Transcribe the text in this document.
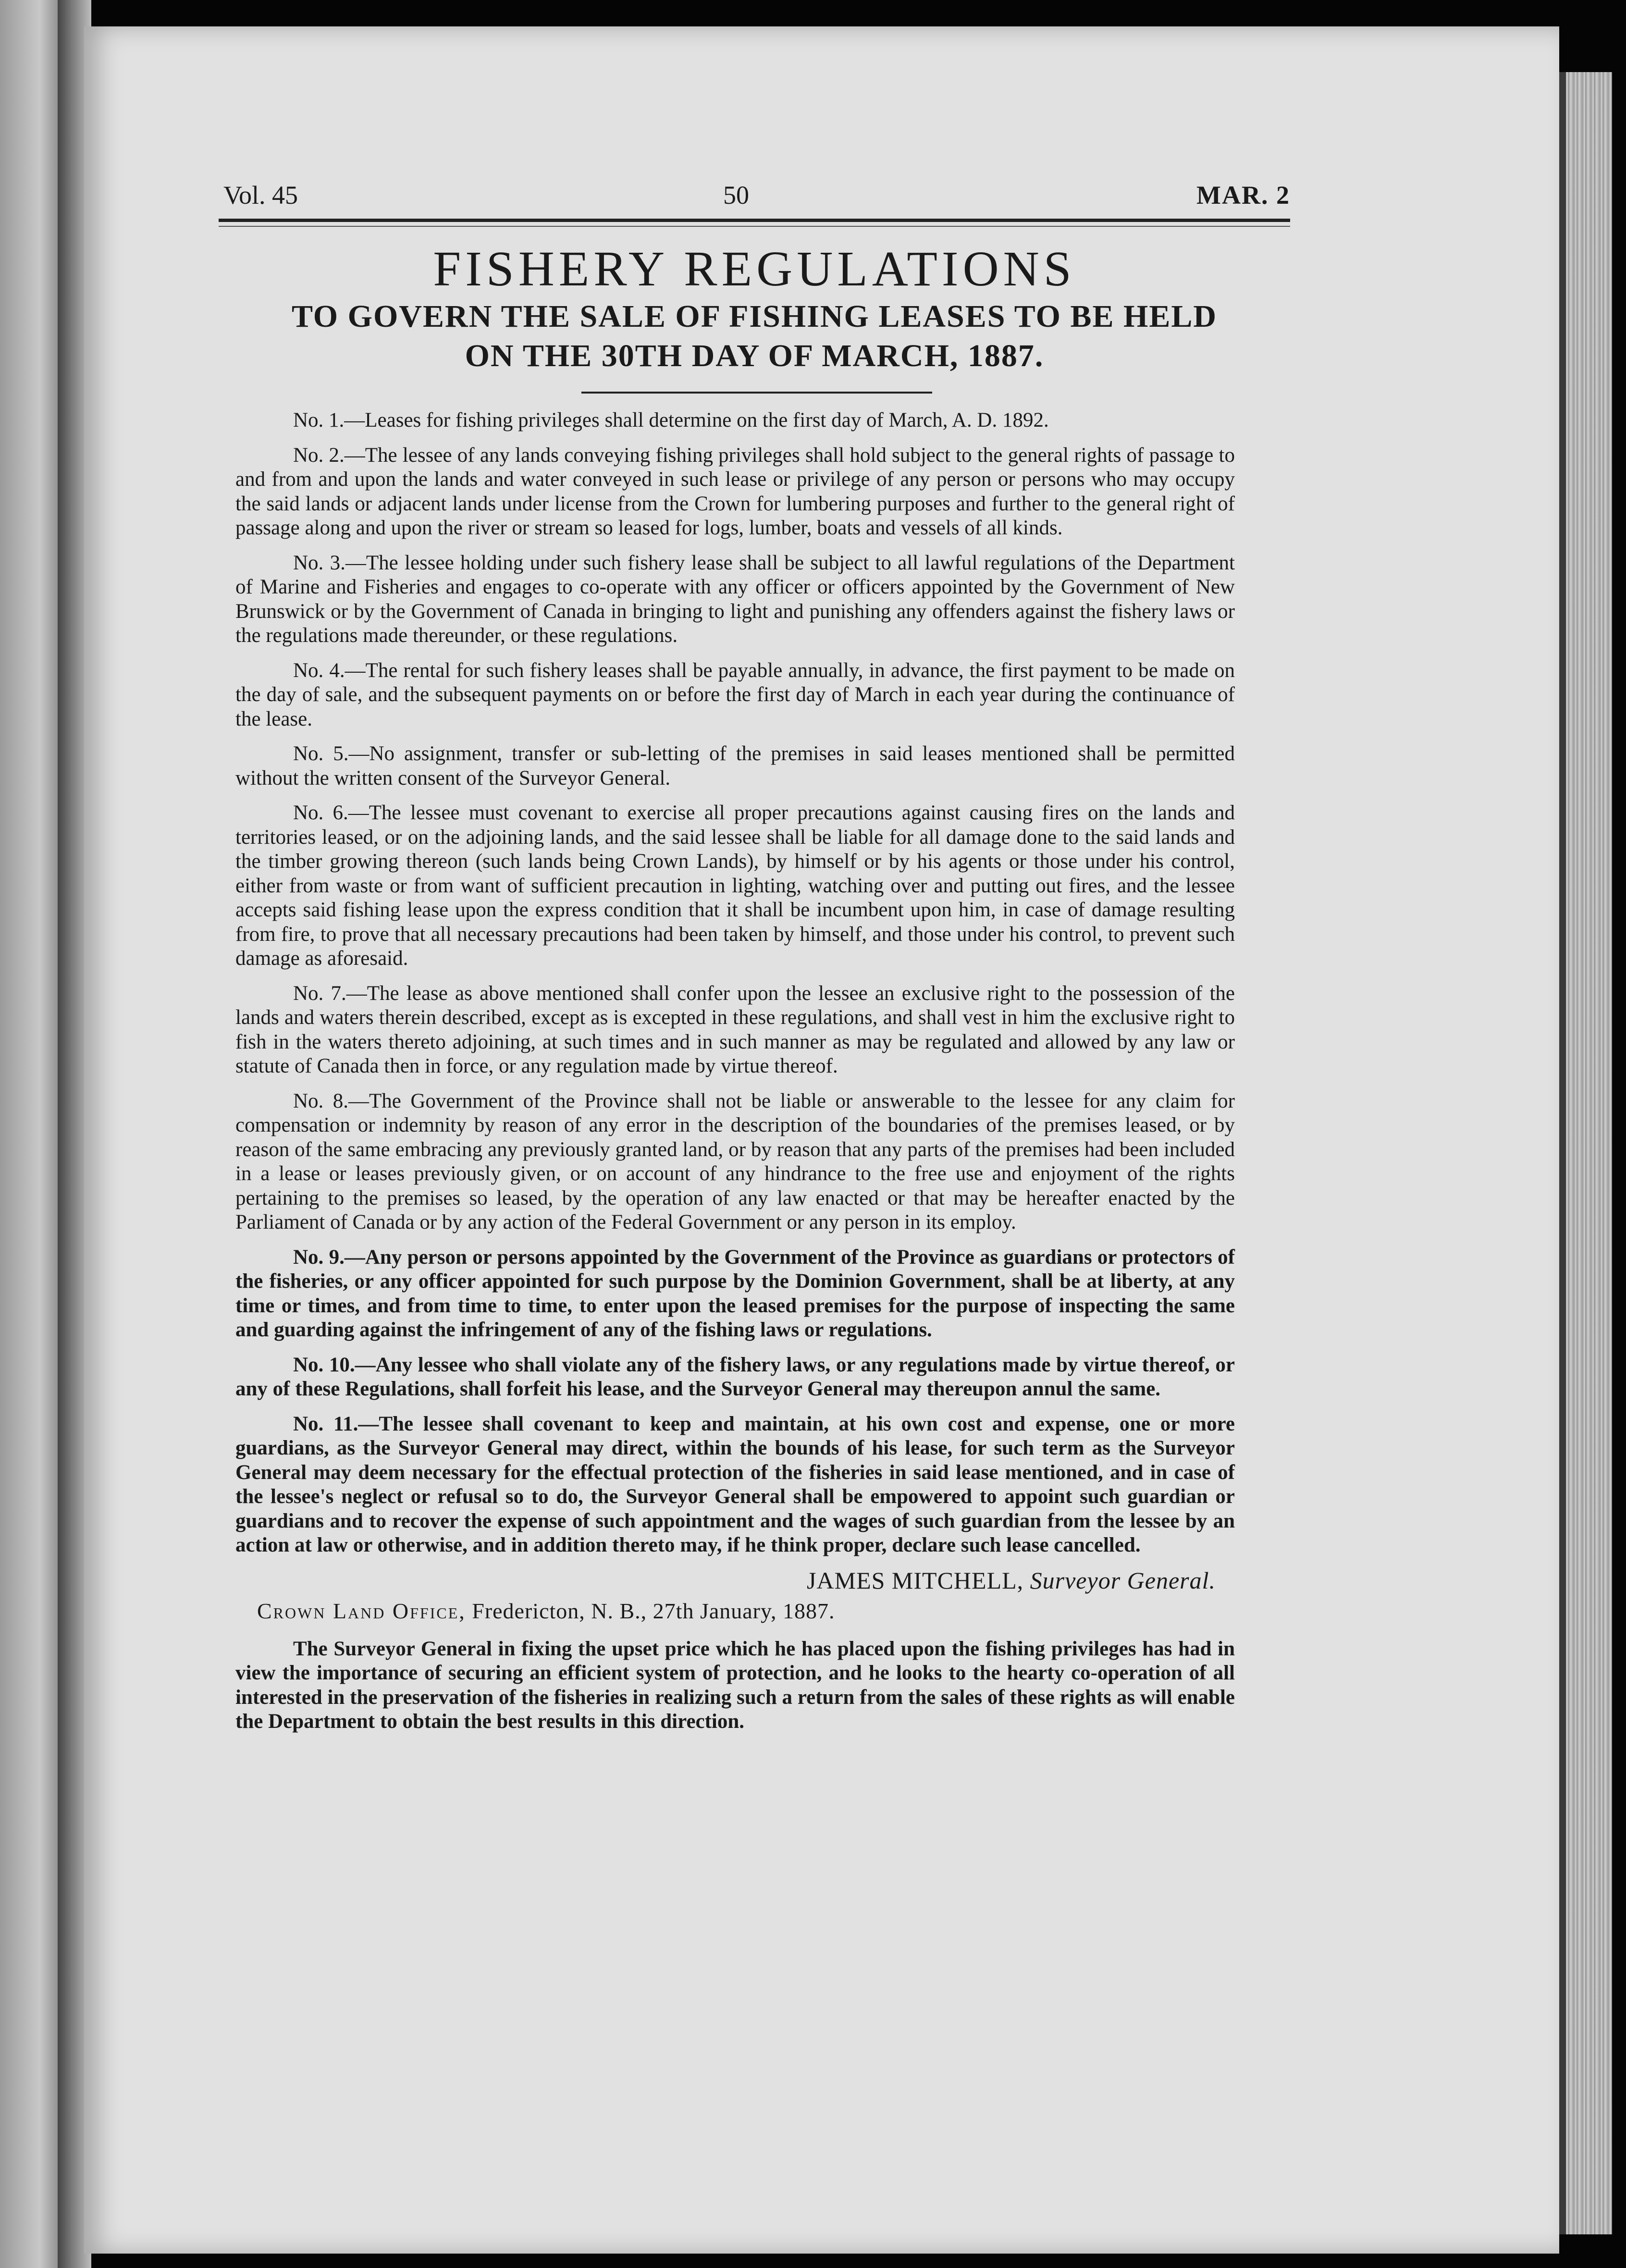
Vol. 45	50	MAR. 2
FISHERY REGULATIONS
TO GOVERN THE SALE OF FISHING LEASES TO BE HELD
ON THE 30TH DAY OF MARCH, 1887.

No. 1.—Leases for fishing privileges shall determine on the first day of March, A. D. 1892.

No. 2.—The lessee of any lands conveying fishing privileges shall hold subject to the general rights of passage to and from and upon the lands and water conveyed in such lease or privilege of any person or persons who may occupy the said lands or adjacent lands under license from the Crown for lumbering purposes and further to the general right of passage along and upon the river or stream so leased for logs, lumber, boats and vessels of all kinds.

No. 3.—The lessee holding under such fishery lease shall be subject to all lawful regulations of the Department of Marine and Fisheries and engages to co-operate with any officer or officers appointed by the Government of New Brunswick or by the Government of Canada in bringing to light and punishing any offenders against the fishery laws or the regulations made thereunder, or these regulations.

No. 4.—The rental for such fishery leases shall be payable annually, in advance, the first payment to be made on the day of sale, and the subsequent payments on or before the first day of March in each year during the continuance of the lease.

No. 5.—No assignment, transfer or sub-letting of the premises in said leases mentioned shall be permitted without the written consent of the Surveyor General.

No. 6.—The lessee must covenant to exercise all proper precautions against causing fires on the lands and territories leased, or on the adjoining lands, and the said lessee shall be liable for all damage done to the said lands and the timber growing thereon (such lands being Crown Lands), by himself or by his agents or those under his control, either from waste or from want of sufficient precaution in lighting, watching over and putting out fires, and the lessee accepts said fishing lease upon the express condition that it shall be incumbent upon him, in case of damage resulting from fire, to prove that all necessary precautions had been taken by himself, and those under his control, to prevent such damage as aforesaid.

No. 7.—The lease as above mentioned shall confer upon the lessee an exclusive right to the possession of the lands and waters therein described, except as is excepted in these regulations, and shall vest in him the exclusive right to fish in the waters thereto adjoining, at such times and in such manner as may be regulated and allowed by any law or statute of Canada then in force, or any regulation made by virtue thereof.

No. 8.—The Government of the Province shall not be liable or answerable to the lessee for any claim for compensation or indemnity by reason of any error in the description of the boundaries of the premises leased, or by reason of the same embracing any previously granted land, or by reason that any parts of the premises had been included in a lease or leases previously given, or on account of any hindrance to the free use and enjoyment of the rights pertaining to the premises so leased, by the operation of any law enacted or that may be hereafter enacted by the Parliament of Canada or by any action of the Federal Government or any person in its employ.

No. 9.—Any person or persons appointed by the Government of the Province as guardians or protectors of the fisheries, or any officer appointed for such purpose by the Dominion Government, shall be at liberty, at any time or times, and from time to time, to enter upon the leased premises for the purpose of inspecting the same and guarding against the infringement of any of the fishing laws or regulations.

No. 10.—Any lessee who shall violate any of the fishery laws, or any regulations made by virtue thereof, or any of these Regulations, shall forfeit his lease, and the Surveyor General may thereupon annul the same.

No. 11.—The lessee shall covenant to keep and maintain, at his own cost and expense, one or more guardians, as the Surveyor General may direct, within the bounds of his lease, for such term as the Surveyor General may deem necessary for the effectual protection of the fisheries in said lease mentioned, and in case of the lessee's neglect or refusal so to do, the Surveyor General shall be empowered to appoint such guardian or guardians and to recover the expense of such appointment and the wages of such guardian from the lessee by an action at law or otherwise, and in addition thereto may, if he think proper, declare such lease cancelled.

JAMES MITCHELL, Surveyor General.
Crown Land Office, Fredericton, N. B., 27th January, 1887.

The Surveyor General in fixing the upset price which he has placed upon the fishing privileges has had in view the importance of securing an efficient system of protection, and he looks to the hearty co-operation of all interested in the preservation of the fisheries in realizing such a return from the sales of these rights as will enable the Department to obtain the best results in this direction.
